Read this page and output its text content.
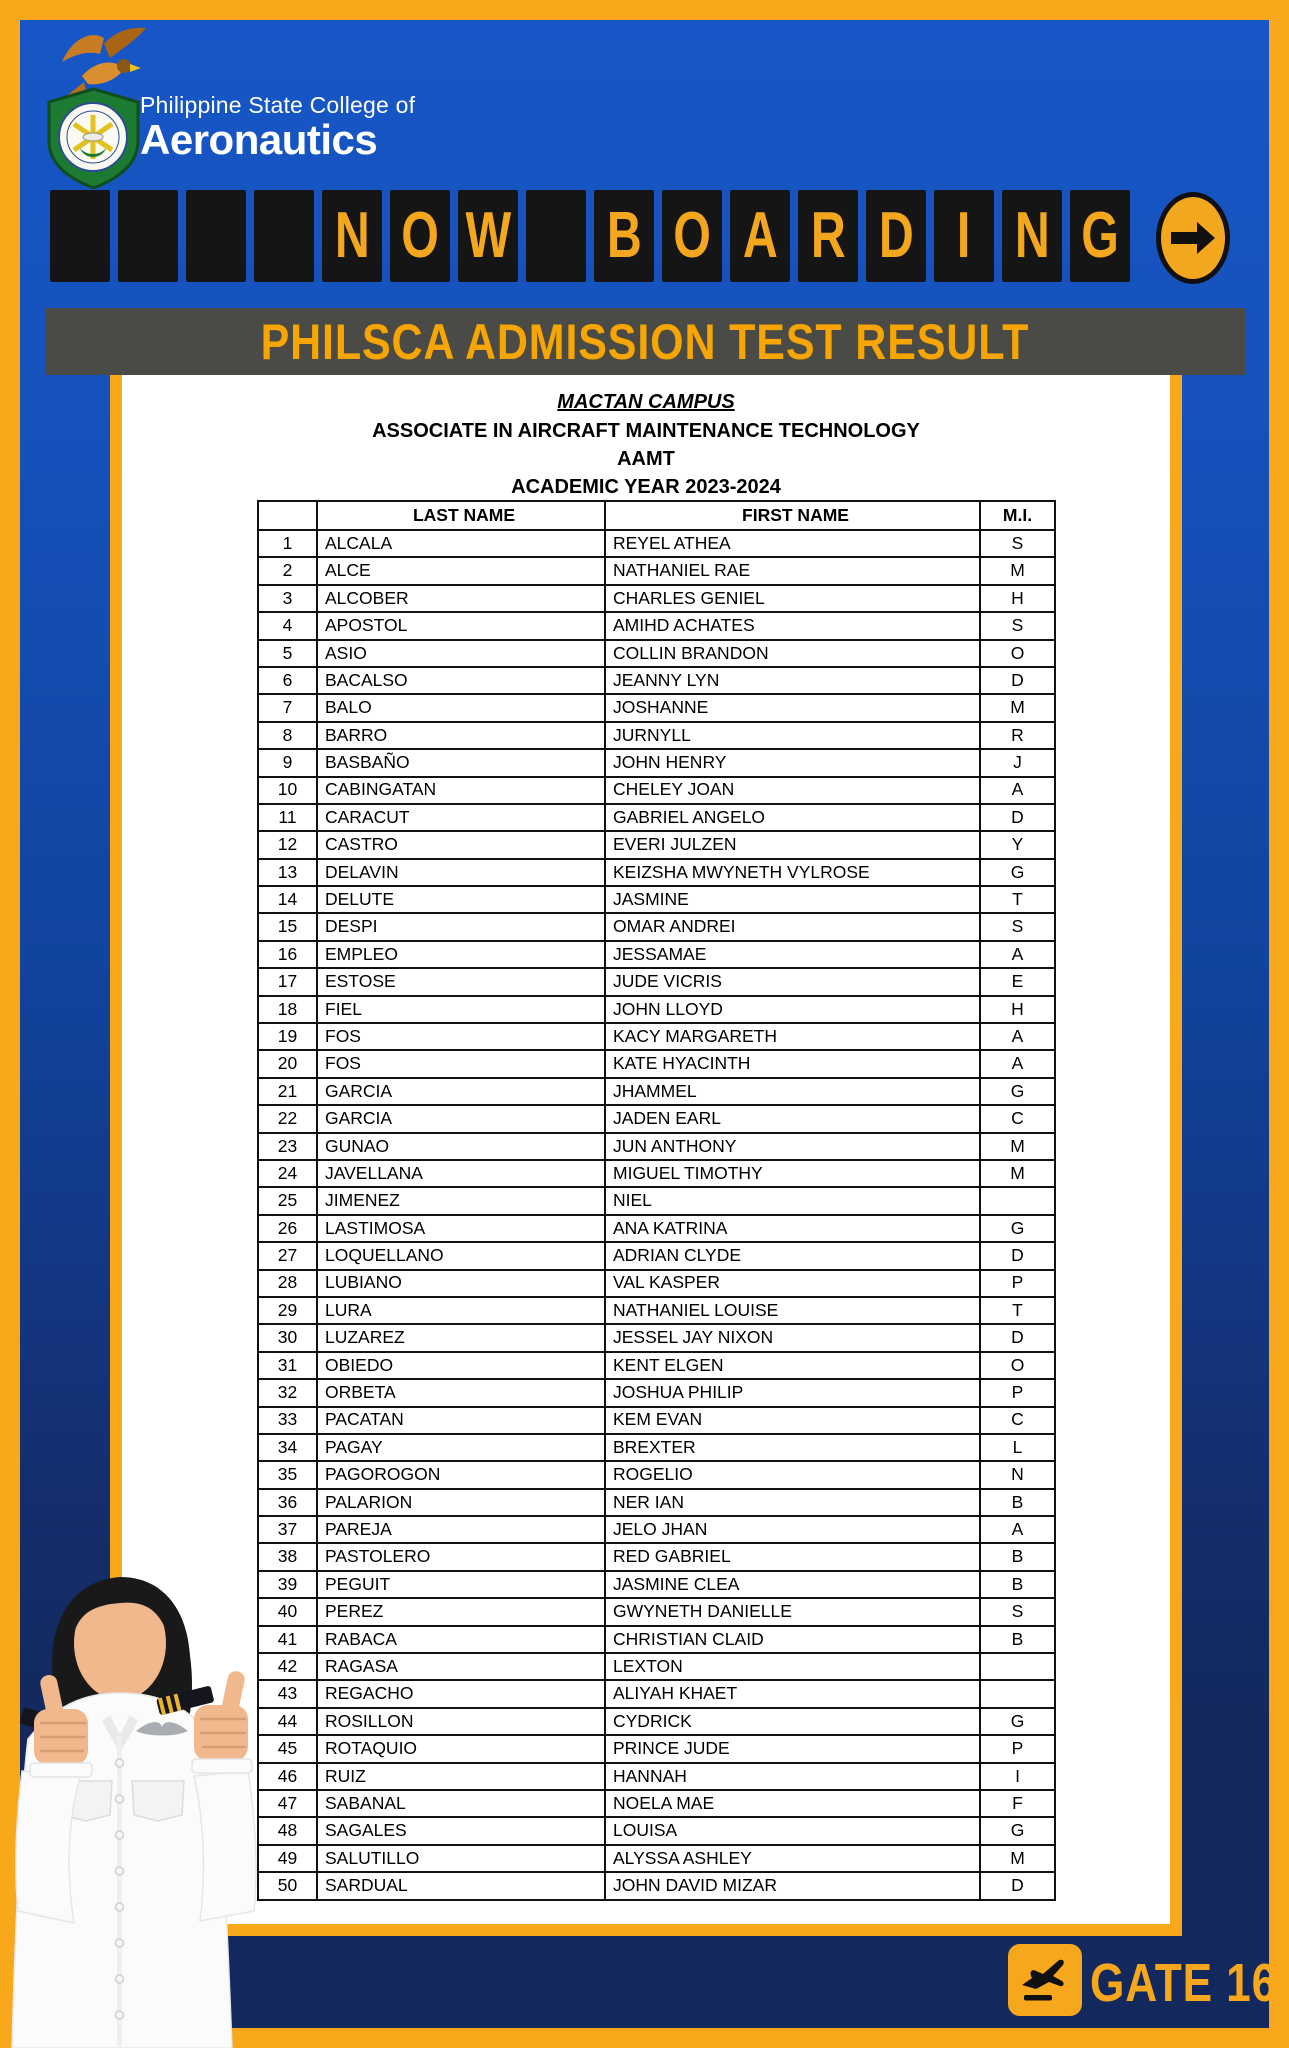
Philippine State College of
Aeronautics
N O W B O A R D I N G
PHILSCA ADMISSION TEST RESULT
MACTAN CAMPUS
ASSOCIATE IN AIRCRAFT MAINTENANCE TECHNOLOGY
AAMT
ACADEMIC YEAR 2023-2024
	LAST NAME	FIRST NAME	M.I.
1	ALCALA	REYEL ATHEA	S
2	ALCE	NATHANIEL RAE	M
3	ALCOBER	CHARLES GENIEL	H
4	APOSTOL	AMIHD ACHATES	S
5	ASIO	COLLIN BRANDON	O
6	BACALSO	JEANNY LYN	D
7	BALO	JOSHANNE	M
8	BARRO	JURNYLL	R
9	BASBAÑO	JOHN HENRY	J
10	CABINGATAN	CHELEY JOAN	A
11	CARACUT	GABRIEL ANGELO	D
12	CASTRO	EVERI JULZEN	Y
13	DELAVIN	KEIZSHA MWYNETH VYLROSE	G
14	DELUTE	JASMINE	T
15	DESPI	OMAR ANDREI	S
16	EMPLEO	JESSAMAE	A
17	ESTOSE	JUDE VICRIS	E
18	FIEL	JOHN LLOYD	H
19	FOS	KACY MARGARETH	A
20	FOS	KATE HYACINTH	A
21	GARCIA	JHAMMEL	G
22	GARCIA	JADEN EARL	C
23	GUNAO	JUN ANTHONY	M
24	JAVELLANA	MIGUEL TIMOTHY	M
25	JIMENEZ	NIEL	
26	LASTIMOSA	ANA KATRINA	G
27	LOQUELLANO	ADRIAN CLYDE	D
28	LUBIANO	VAL KASPER	P
29	LURA	NATHANIEL LOUISE	T
30	LUZAREZ	JESSEL JAY NIXON	D
31	OBIEDO	KENT ELGEN	O
32	ORBETA	JOSHUA PHILIP	P
33	PACATAN	KEM EVAN	C
34	PAGAY	BREXTER	L
35	PAGOROGON	ROGELIO	N
36	PALARION	NER IAN	B
37	PAREJA	JELO JHAN	A
38	PASTOLERO	RED GABRIEL	B
39	PEGUIT	JASMINE CLEA	B
40	PEREZ	GWYNETH DANIELLE	S
41	RABACA	CHRISTIAN CLAID	B
42	RAGASA	LEXTON	
43	REGACHO	ALIYAH KHAET	
44	ROSILLON	CYDRICK	G
45	ROTAQUIO	PRINCE JUDE	P
46	RUIZ	HANNAH	I
47	SABANAL	NOELA MAE	F
48	SAGALES	LOUISA	G
49	SALUTILLO	ALYSSA ASHLEY	M
50	SARDUAL	JOHN DAVID MIZAR	D
GATE 16
